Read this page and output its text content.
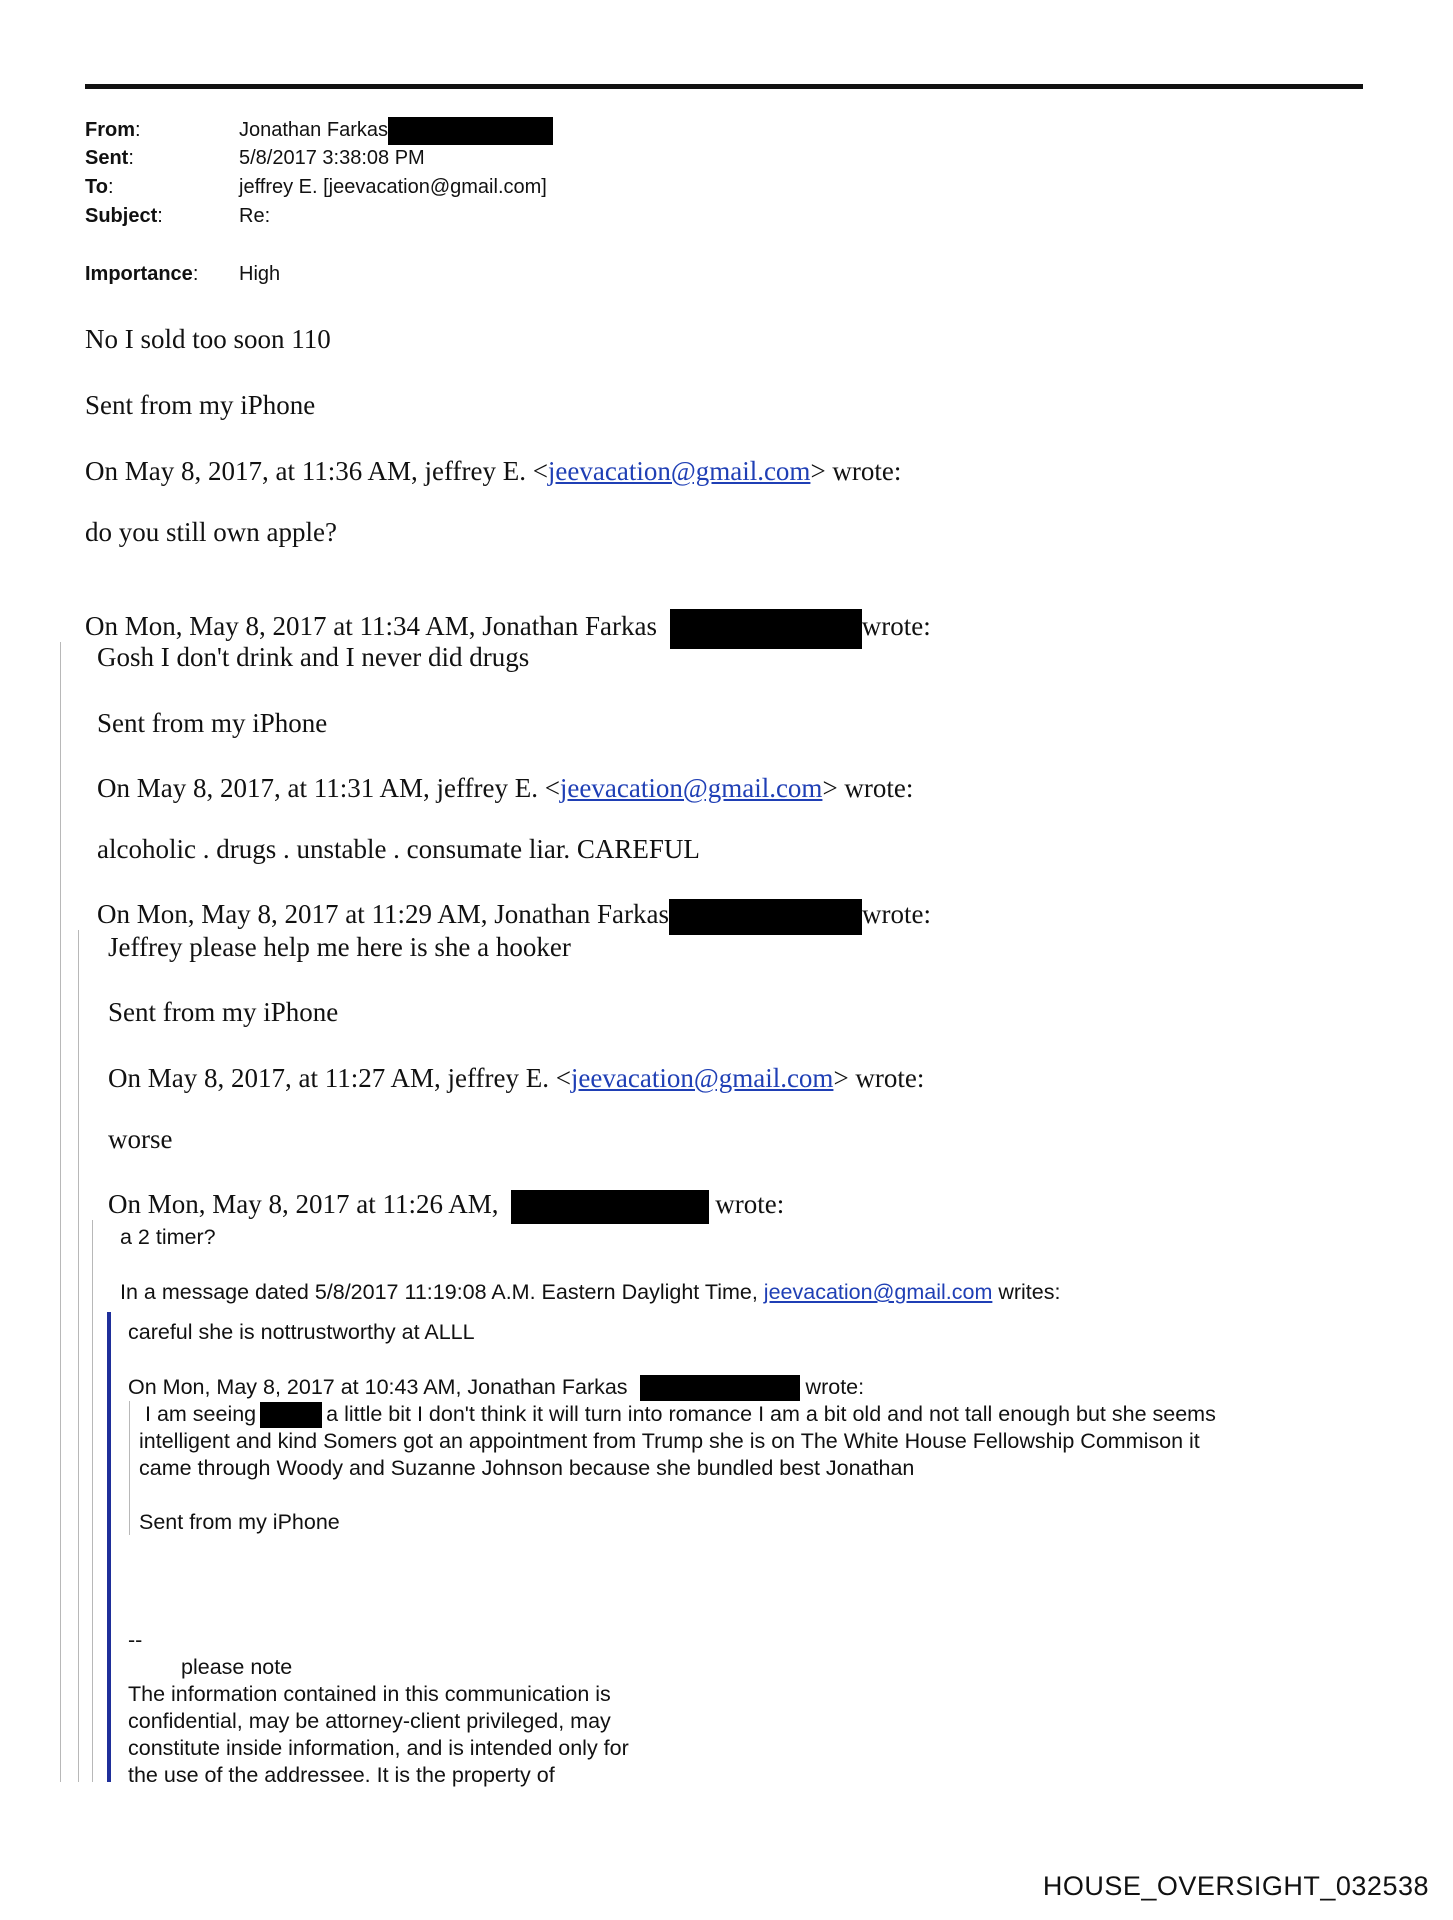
From:	Jonathan Farkas
Sent:	5/8/2017 3:38:08 PM
To:	jeffrey E. [jeevacation@gmail.com]
Subject:	Re:
Importance: High
No I sold too soon 110
Sent from my iPhone
On May 8, 2017, at 11:36 AM, jeffrey E. <jeevacation@gmail.com> wrote:
do you still own apple?
On Mon, May 8, 2017 at 11:34 AM, Jonathan Farkas	wrote:
Gosh I don't drink and I never did drugs
Sent from my iPhone
On May 8, 2017, at 11:31 AM, jeffrey E. <jeevacation@gmail.com> wrote:
alcoholic . drugs . unstable . consumate liar. CAREFUL
On Mon, May 8, 2017 at 11:29 AM, Jonathan Farkas	wrote:
Jeffrey please help me here is she a hooker
Sent from my iPhone
On May 8, 2017, at 11:27 AM, jeffrey E. <jeevacation@gmail.com> wrote:
worse
On Mon, May 8, 2017 at 11:26 AM,	wrote:
a 2 timer?
In a message dated 5/8/2017 11:19:08 A.M. Eastern Daylight Time, jeevacation@gmail.com writes:
careful she is nottrustworthy at ALLL
On Mon, May 8, 2017 at 10:43 AM, Jonathan Farkas	wrote:
I am seeing	a little bit I don't think it will turn into romance I am a bit old and not tall enough but she seems
intelligent and kind Somers got an appointment from Trump she is on The White House Fellowship Commison it
came through Woody and Suzanne Johnson because she bundled best Jonathan
Sent from my iPhone
--
please note
The information contained in this communication is
confidential, may be attorney-client privileged, may
constitute inside information, and is intended only for
the use of the addressee. It is the property of
HOUSE_OVERSIGHT_032538
